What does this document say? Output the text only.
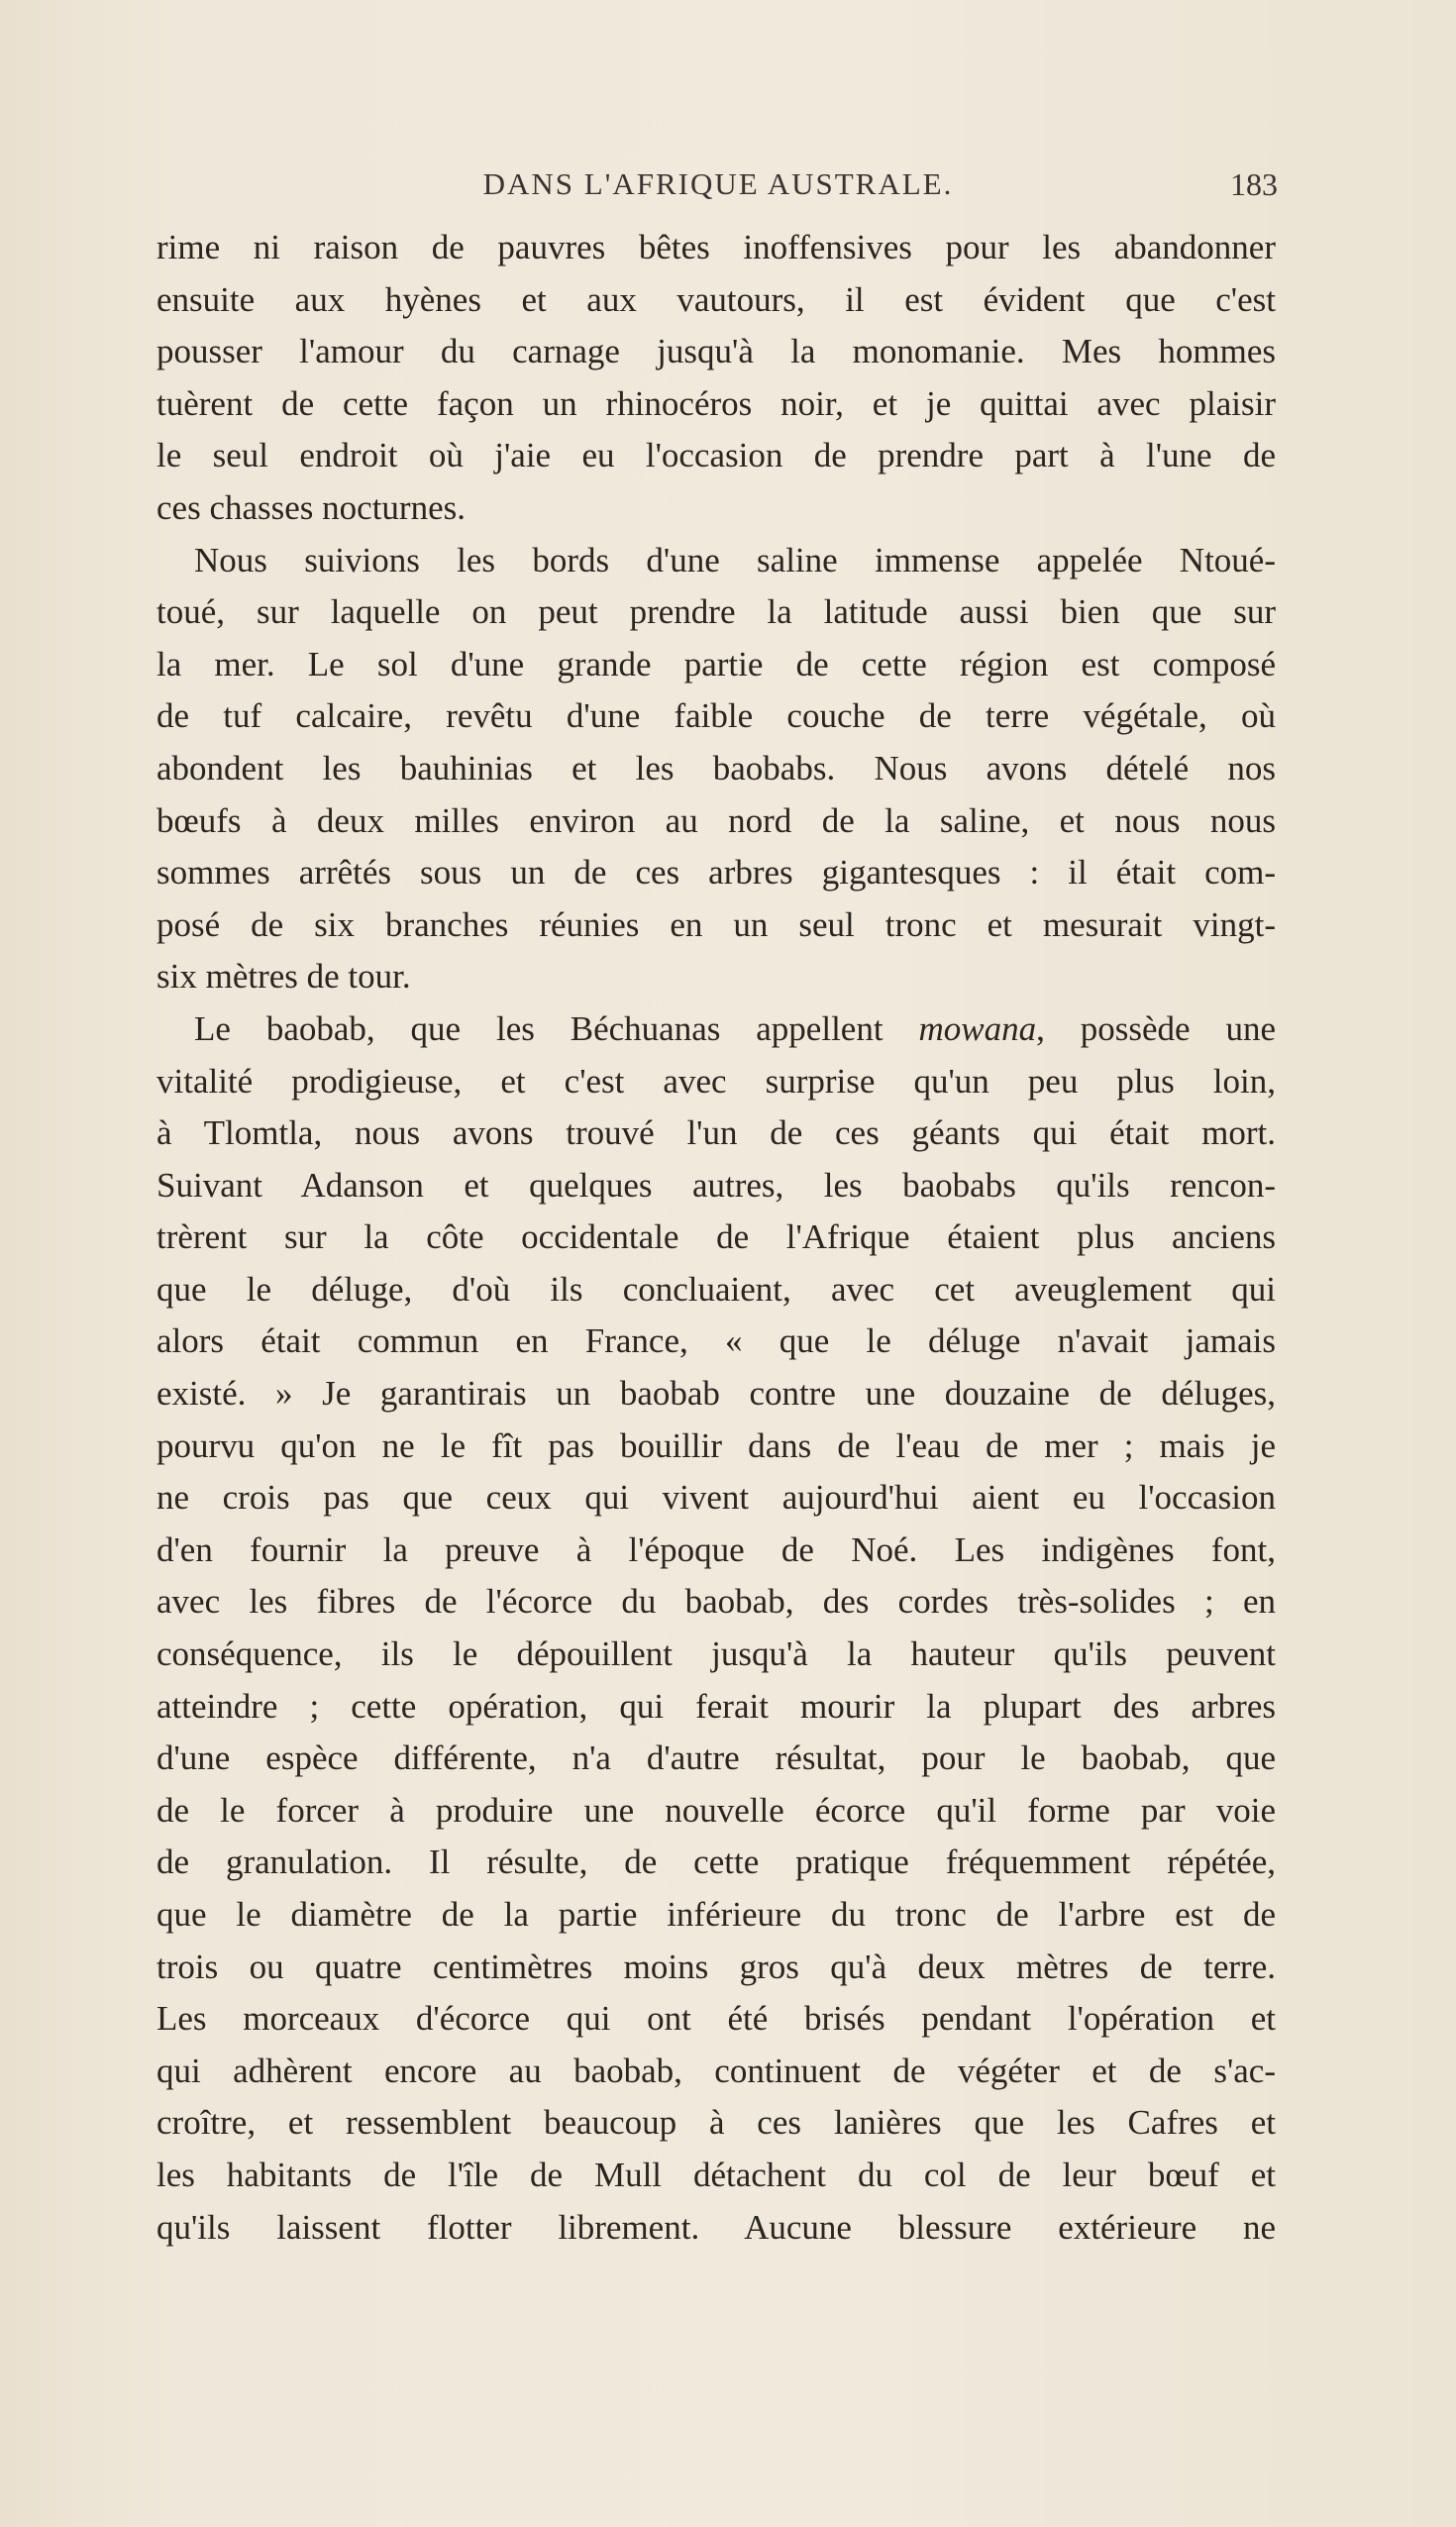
DANS L'AFRIQUE AUSTRALE.	183
rime ni raison de pauvres bêtes inoffensives pour les abandonner
ensuite aux hyènes et aux vautours, il est évident que c'est
pousser l'amour du carnage jusqu'à la monomanie. Mes hommes
tuèrent de cette façon un rhinocéros noir, et je quittai avec plaisir
le seul endroit où j'aie eu l'occasion de prendre part à l'une de
ces chasses nocturnes.
Nous suivions les bords d'une saline immense appelée Ntoué-
toué, sur laquelle on peut prendre la latitude aussi bien que sur
la mer. Le sol d'une grande partie de cette région est composé
de tuf calcaire, revêtu d'une faible couche de terre végétale, où
abondent les bauhinias et les baobabs. Nous avons dételé nos
bœufs à deux milles environ au nord de la saline, et nous nous
sommes arrêtés sous un de ces arbres gigantesques : il était com-
posé de six branches réunies en un seul tronc et mesurait vingt-
six mètres de tour.
Le baobab, que les Béchuanas appellent mowana, possède une
vitalité prodigieuse, et c'est avec surprise qu'un peu plus loin,
à Tlomtla, nous avons trouvé l'un de ces géants qui était mort.
Suivant Adanson et quelques autres, les baobabs qu'ils rencon-
trèrent sur la côte occidentale de l'Afrique étaient plus anciens
que le déluge, d'où ils concluaient, avec cet aveuglement qui
alors était commun en France, « que le déluge n'avait jamais
existé. » Je garantirais un baobab contre une douzaine de déluges,
pourvu qu'on ne le fît pas bouillir dans de l'eau de mer ; mais je
ne crois pas que ceux qui vivent aujourd'hui aient eu l'occasion
d'en fournir la preuve à l'époque de Noé. Les indigènes font,
avec les fibres de l'écorce du baobab, des cordes très-solides ; en
conséquence, ils le dépouillent jusqu'à la hauteur qu'ils peuvent
atteindre ; cette opération, qui ferait mourir la plupart des arbres
d'une espèce différente, n'a d'autre résultat, pour le baobab, que
de le forcer à produire une nouvelle écorce qu'il forme par voie
de granulation. Il résulte, de cette pratique fréquemment répétée,
que le diamètre de la partie inférieure du tronc de l'arbre est de
trois ou quatre centimètres moins gros qu'à deux mètres de terre.
Les morceaux d'écorce qui ont été brisés pendant l'opération et
qui adhèrent encore au baobab, continuent de végéter et de s'ac-
croître, et ressemblent beaucoup à ces lanières que les Cafres et
les habitants de l'île de Mull détachent du col de leur bœuf et
qu'ils laissent flotter librement. Aucune blessure extérieure ne
